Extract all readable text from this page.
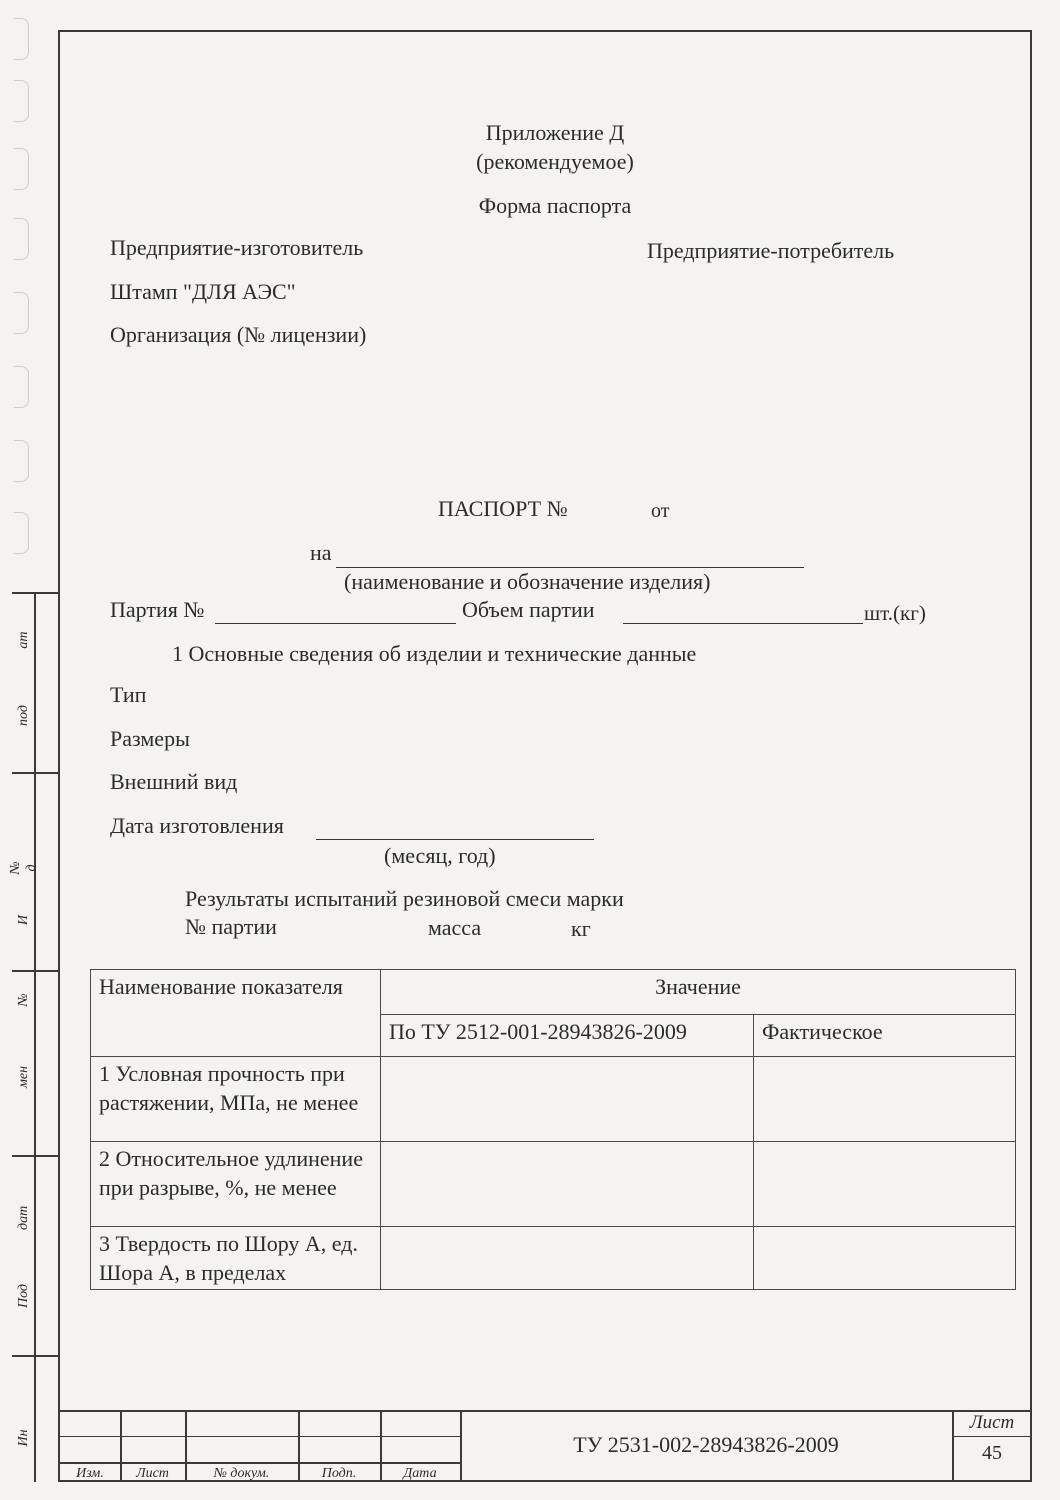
ат
под
№ д
И
№
мен
дат
Под
Ин
Приложение Д
(рекомендуемое)
Форма паспорта
Предприятие-изготовитель	Предприятие-потребитель
Штамп "ДЛЯ АЭС"
Организация (№ лицензии)
ПАСПОРТ №	от
на
(наименование и обозначение изделия)
Партия №	Объем партии	шт.(кг)
1 Основные сведения об изделии и технические данные
Тип
Размеры
Внешний вид
Дата изготовления
(месяц, год)
Результаты испытаний резиновой смеси марки
№ партии	масса	кг
Наименование показателя	Значение	
	По ТУ 2512-001-28943826-2009	Фактическое
1 Условная прочность при растяжении, МПа, не менее		
2 Относительное удлинение при разрыве, %, не менее		
3 Твердость по Шору А, ед. Шора А, в пределах		
Изм.	Лист	№ докум.	Подп.	Дата
ТУ 2531-002-28943826-2009
Лист
45
